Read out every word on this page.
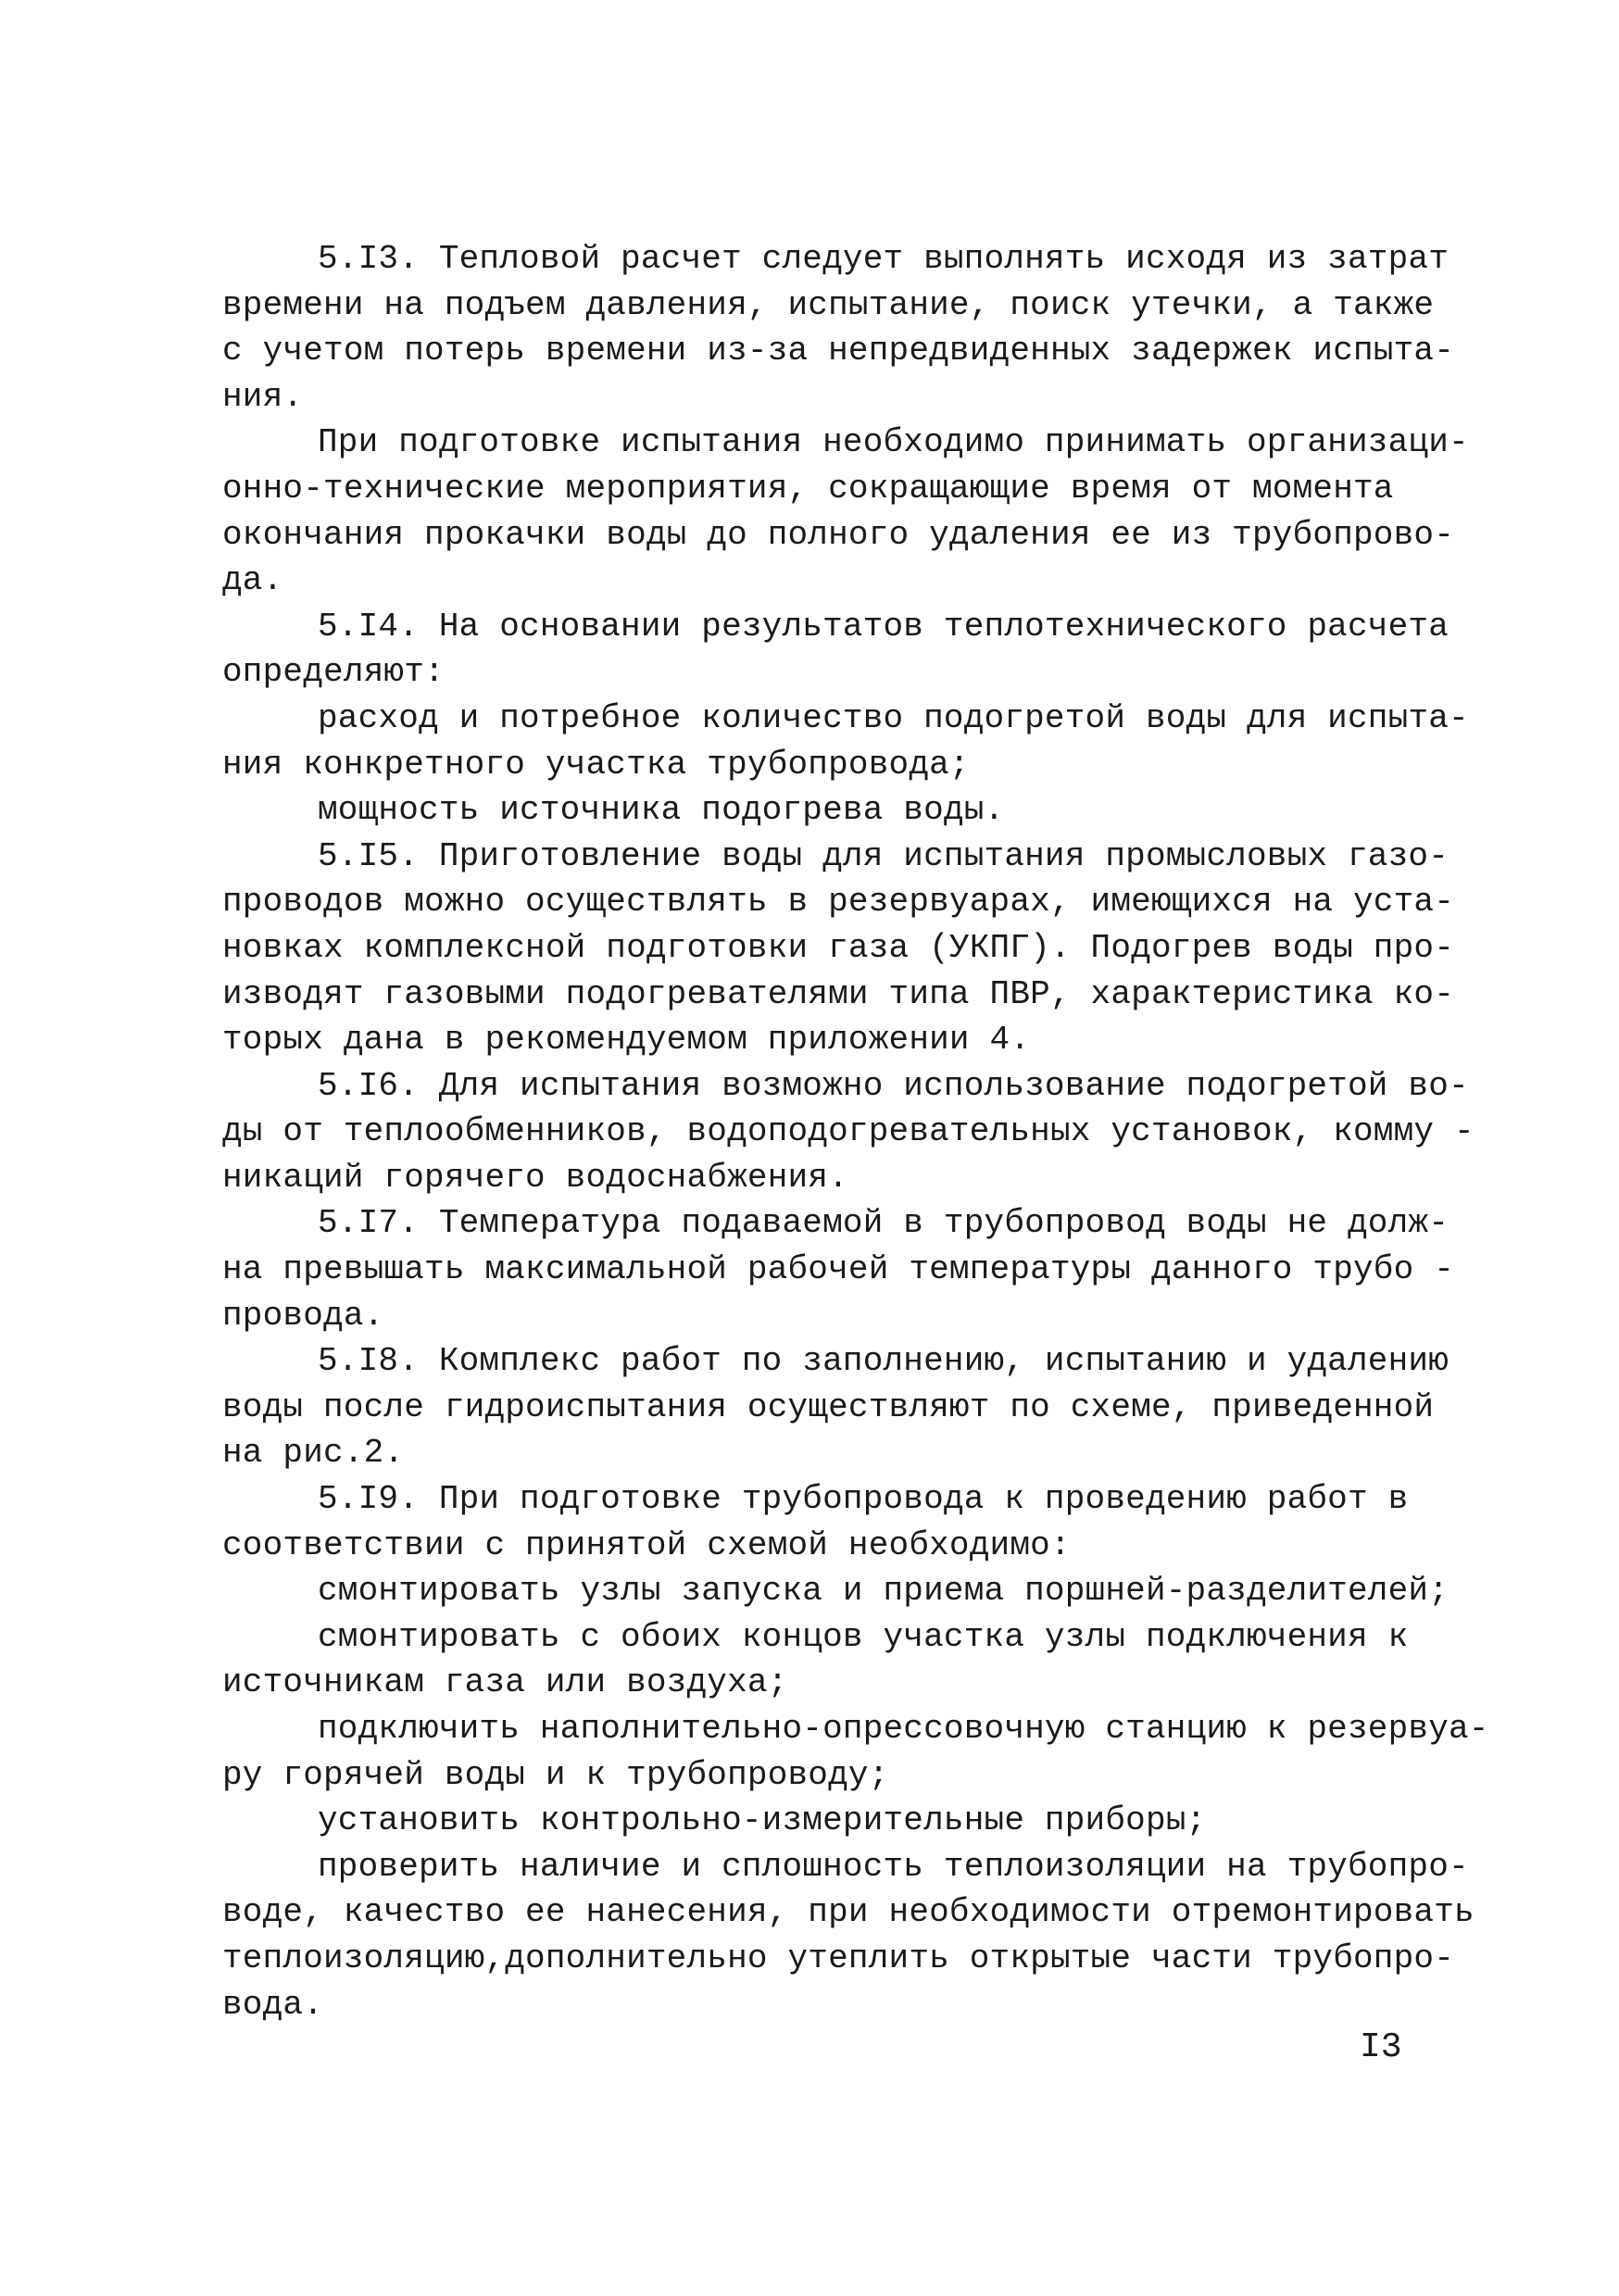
5.I3. Тепловой расчет следует выполнять исходя из затрат
времени на подъем давления, испытание, поиск утечки, а также
с учетом потерь времени из-за непредвиденных задержек испыта-
ния.
При подготовке испытания необходимо принимать организаци-
онно-технические мероприятия, сокращающие время от момента
окончания прокачки воды до полного удаления ее из трубопрово-
да.
5.I4. На основании результатов теплотехнического расчета
определяют:
расход и потребное количество подогретой воды для испыта-
ния конкретного участка трубопровода;
мощность источника подогрева воды.
5.I5. Приготовление воды для испытания промысловых газо-
проводов можно осуществлять в резервуарах, имеющихся на уста-
новках комплексной подготовки газа (УКПГ). Подогрев воды про-
изводят газовыми подогревателями типа ПВР, характеристика ко-
торых дана в рекомендуемом приложении 4.
5.I6. Для испытания возможно использование подогретой во-
ды от теплообменников, водоподогревательных установок, комму -
никаций горячего водоснабжения.
5.I7. Температура подаваемой в трубопровод воды не долж-
на превышать максимальной рабочей температуры данного трубо -
провода.
5.I8. Комплекс работ по заполнению, испытанию и удалению
воды после гидроиспытания осуществляют по схеме, приведенной
на рис.2.
5.I9. При подготовке трубопровода к проведению работ в
соответствии с принятой схемой необходимо:
смонтировать узлы запуска и приема поршней-разделителей;
смонтировать с обоих концов участка узлы подключения к
источникам газа или воздуха;
подключить наполнительно-опрессовочную станцию к резервуа-
ру горячей воды и к трубопроводу;
установить контрольно-измерительные приборы;
проверить наличие и сплошность теплоизоляции на трубопро-
воде, качество ее нанесения, при необходимости отремонтировать
теплоизоляцию,дополнительно утеплить открытые части трубопро-
вода.
I3
